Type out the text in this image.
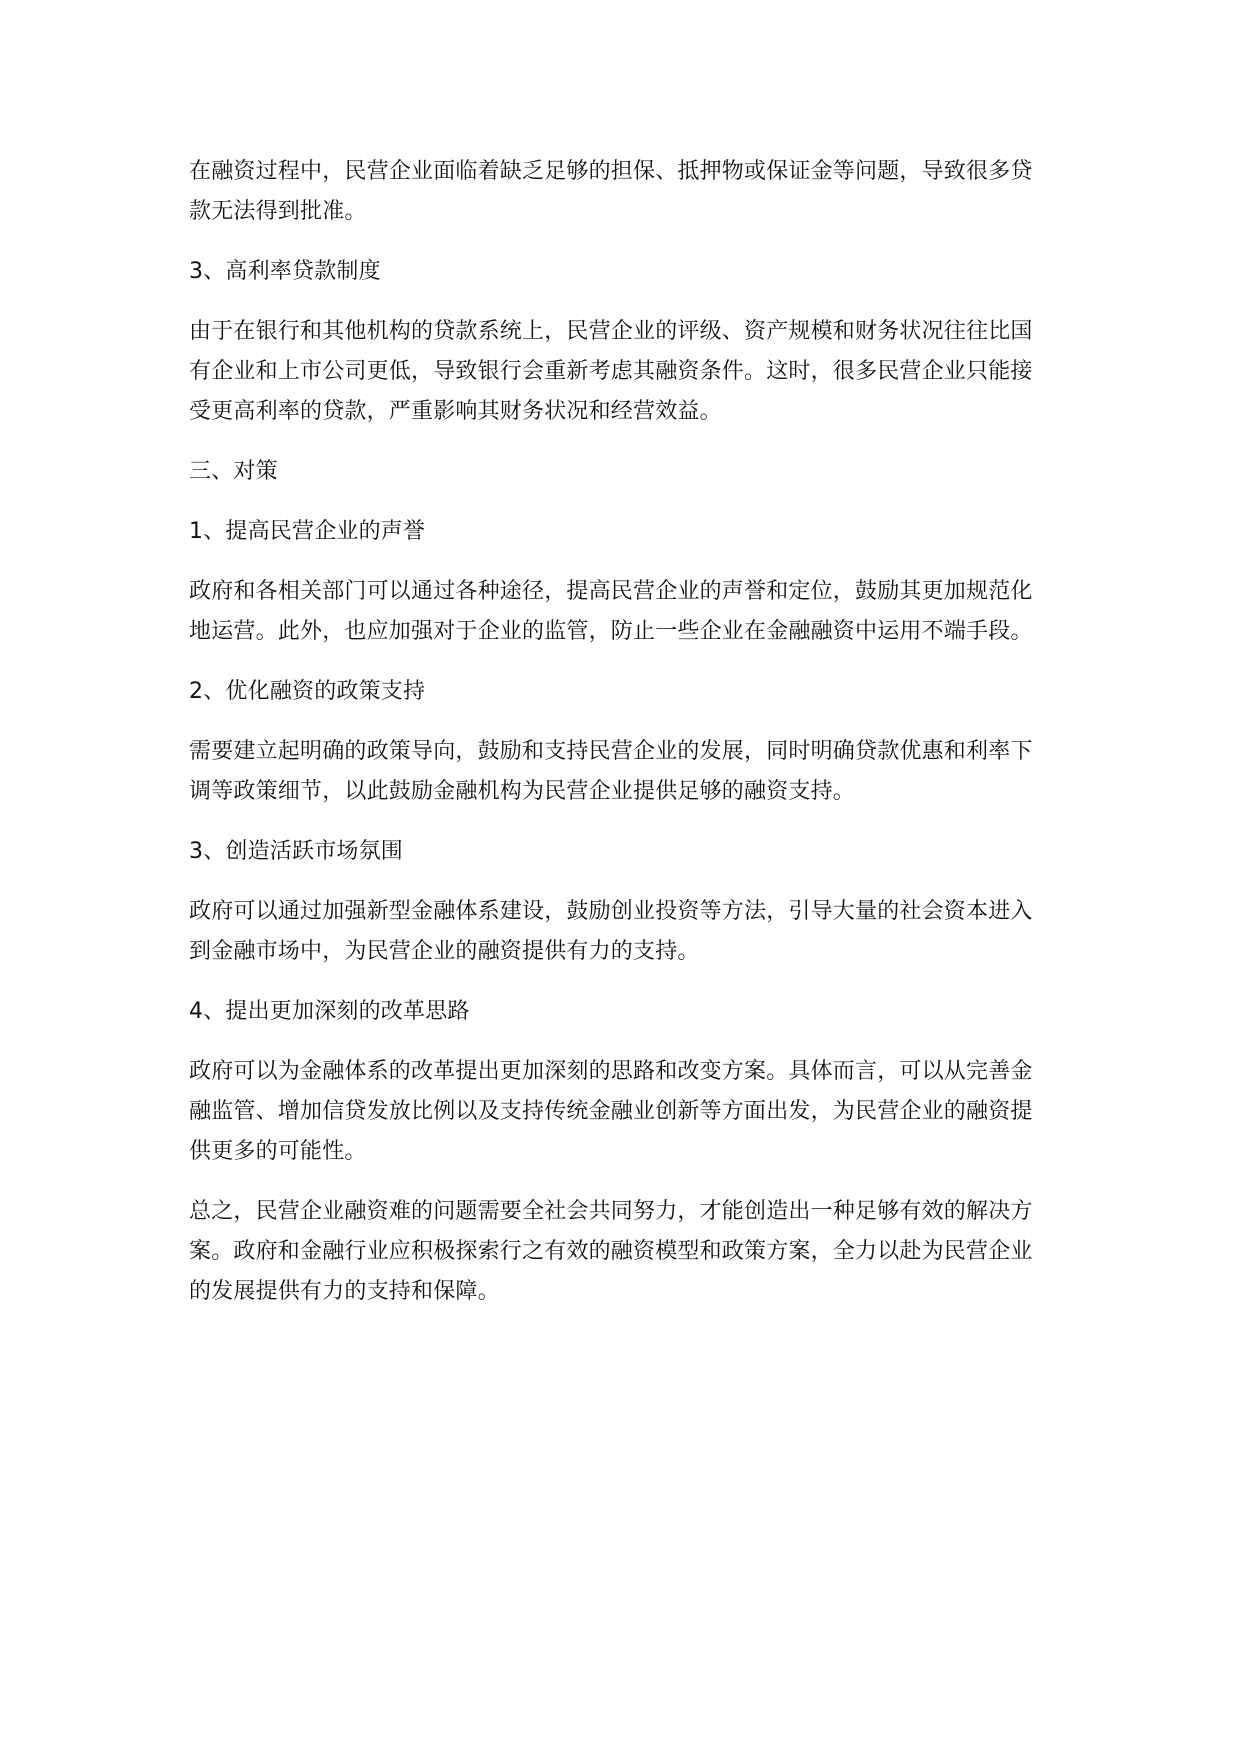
在融资过程中，民营企业面临着缺乏足够的担保、抵押物或保证金等问题，导致很多贷款无法得到批准。

3、高利率贷款制度

由于在银行和其他机构的贷款系统上，民营企业的评级、资产规模和财务状况往往比国有企业和上市公司更低，导致银行会重新考虑其融资条件。这时，很多民营企业只能接受更高利率的贷款，严重影响其财务状况和经营效益。

三、对策

1、提高民营企业的声誉

政府和各相关部门可以通过各种途径，提高民营企业的声誉和定位，鼓励其更加规范化地运营。此外，也应加强对于企业的监管，防止一些企业在金融融资中运用不端手段。

2、优化融资的政策支持

需要建立起明确的政策导向，鼓励和支持民营企业的发展，同时明确贷款优惠和利率下调等政策细节，以此鼓励金融机构为民营企业提供足够的融资支持。

3、创造活跃市场氛围

政府可以通过加强新型金融体系建设，鼓励创业投资等方法，引导大量的社会资本进入到金融市场中，为民营企业的融资提供有力的支持。

4、提出更加深刻的改革思路

政府可以为金融体系的改革提出更加深刻的思路和改变方案。具体而言，可以从完善金融监管、增加信贷发放比例以及支持传统金融业创新等方面出发，为民营企业的融资提供更多的可能性。

总之，民营企业融资难的问题需要全社会共同努力，才能创造出一种足够有效的解决方案。政府和金融行业应积极探索行之有效的融资模型和政策方案，全力以赴为民营企业的发展提供有力的支持和保障。
